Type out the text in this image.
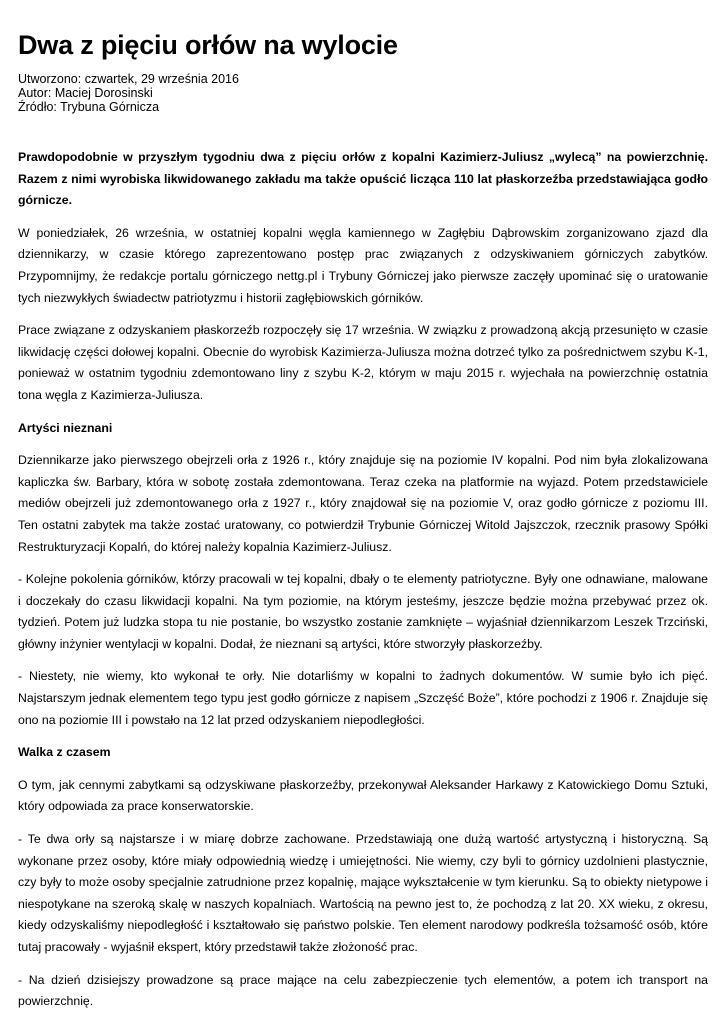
Dwa z pięciu orłów na wylocie
Utworzono: czwartek, 29 września 2016
Autor: Maciej Dorosinski
Źródło: Trybuna Górnicza

Prawdopodobnie w przyszłym tygodniu dwa z pięciu orłów z kopalni Kazimierz-Juliusz „wylecą” na powierzchnię. Razem z nimi wyrobiska likwidowanego zakładu ma także opuścić licząca 110 lat płaskorzeźba przedstawiająca godło górnicze.

W poniedziałek, 26 września, w ostatniej kopalni węgla kamiennego w Zagłębiu Dąbrowskim zorganizowano zjazd dla dziennikarzy, w czasie którego zaprezentowano postęp prac związanych z odzyskiwaniem górniczych zabytków. Przypomnijmy, że redakcje portalu górniczego nettg.pl i Trybuny Górniczej jako pierwsze zaczęły upominać się o uratowanie tych niezwykłych świadectw patriotyzmu i historii zagłębiowskich górników.

Prace związane z odzyskaniem płaskorzeźb rozpoczęły się 17 września. W związku z prowadzoną akcją przesunięto w czasie likwidację części dołowej kopalni. Obecnie do wyrobisk Kazimierza-Juliusza można dotrzeć tylko za pośrednictwem szybu K-1, ponieważ w ostatnim tygodniu zdemontowano liny z szybu K-2, którym w maju 2015 r. wyjechała na powierzchnię ostatnia tona węgla z Kazimierza-Juliusza.

Artyści nieznani

Dziennikarze jako pierwszego obejrzeli orła z 1926 r., który znajduje się na poziomie IV kopalni. Pod nim była zlokalizowana kapliczka św. Barbary, która w sobotę została zdemontowana. Teraz czeka na platformie na wyjazd. Potem przedstawiciele mediów obejrzeli już zdemontowanego orła z 1927 r., który znajdował się na poziomie V, oraz godło górnicze z poziomu III. Ten ostatni zabytek ma także zostać uratowany, co potwierdził Trybunie Górniczej Witold Jajszczok, rzecznik prasowy Spółki Restrukturyzacji Kopalń, do której należy kopalnia Kazimierz-Juliusz.

- Kolejne pokolenia górników, którzy pracowali w tej kopalni, dbały o te elementy patriotyczne. Były one odnawiane, malowane i doczekały do czasu likwidacji kopalni. Na tym poziomie, na którym jesteśmy, jeszcze będzie można przebywać przez ok. tydzień. Potem już ludzka stopa tu nie postanie, bo wszystko zostanie zamknięte – wyjaśniał dziennikarzom Leszek Trzciński, główny inżynier wentylacji w kopalni. Dodał, że nieznani są artyści, które stworzyły płaskorzeźby.

- Niestety, nie wiemy, kto wykonał te orły. Nie dotarliśmy w kopalni to żadnych dokumentów. W sumie było ich pięć. Najstarszym jednak elementem tego typu jest godło górnicze z napisem „Szczęść Boże”, które pochodzi z 1906 r. Znajduje się ono na poziomie III i powstało na 12 lat przed odzyskaniem niepodległości.

Walka z czasem

O tym, jak cennymi zabytkami są odzyskiwane płaskorzeźby, przekonywał Aleksander Harkawy z Katowickiego Domu Sztuki, który odpowiada za prace konserwatorskie.

- Te dwa orły są najstarsze i w miarę dobrze zachowane. Przedstawiają one dużą wartość artystyczną i historyczną. Są wykonane przez osoby, które miały odpowiednią wiedzę i umiejętności. Nie wiemy, czy byli to górnicy uzdolnieni plastycznie, czy były to może osoby specjalnie zatrudnione przez kopalnię, mające wykształcenie w tym kierunku. Są to obiekty nietypowe i niespotykane na szeroką skalę w naszych kopalniach. Wartością na pewno jest to, że pochodzą z lat 20. XX wieku, z okresu, kiedy odzyskaliśmy niepodległość i kształtowało się państwo polskie. Ten element narodowy podkreśla tożsamość osób, które tutaj pracowały - wyjaśnił ekspert, który przedstawił także złożoność prac.

- Na dzień dzisiejszy prowadzone są prace mające na celu zabezpieczenie tych elementów, a potem ich transport na powierzchnię.
